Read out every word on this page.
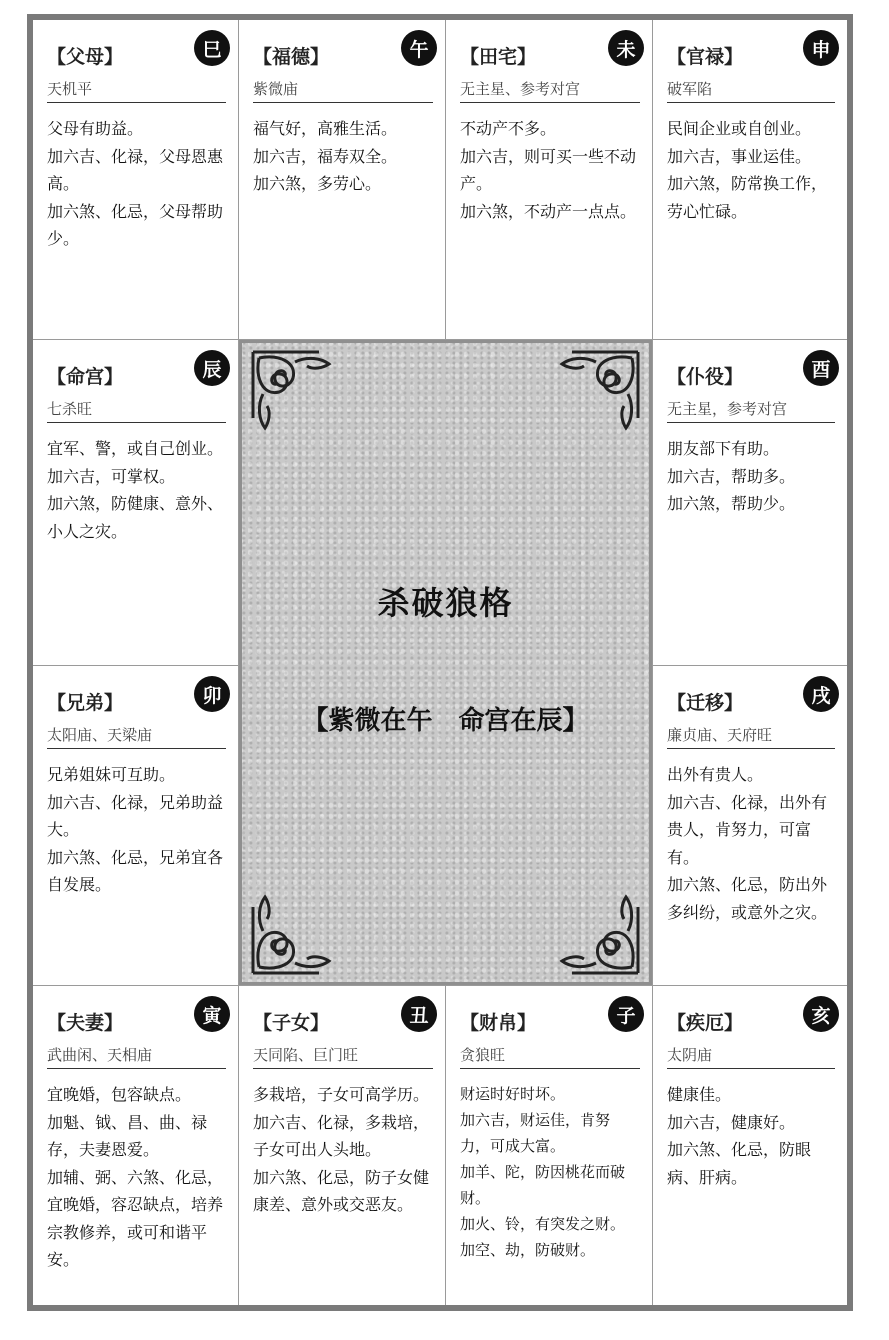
【父母】	巳
天机平

父母有助益。

加六吉、化禄，父母恩惠高。

加六煞、化忌，父母帮助少。

【福德】	午
紫微庙

福气好，高雅生活。

加六吉，福寿双全。

加六煞，多劳心。

【田宅】	未
无主星、参考对宫

不动产不多。

加六吉，则可买一些不动产。

加六煞，不动产一点点。

【官禄】	申
破军陷

民间企业或自创业。

加六吉，事业运佳。

加六煞，防常换工作，劳心忙碌。

【命宫】	辰
七杀旺

宜军、警，或自己创业。

加六吉，可掌权。

加六煞，防健康、意外、小人之灾。

杀破狼格
【紫微在午　命宫在辰】
【仆役】	酉
无主星，参考对宫

朋友部下有助。

加六吉，帮助多。

加六煞，帮助少。

【兄弟】	卯
太阳庙、天梁庙

兄弟姐妹可互助。

加六吉、化禄，兄弟助益大。

加六煞、化忌，兄弟宜各自发展。

【迁移】	戌
廉贞庙、天府旺

出外有贵人。

加六吉、化禄，出外有贵人，肯努力，可富有。

加六煞、化忌，防出外多纠纷，或意外之灾。

【夫妻】	寅
武曲闲、天相庙

宜晚婚，包容缺点。

加魁、钺、昌、曲、禄存，夫妻恩爱。

加辅、弼、六煞、化忌，宜晚婚，容忍缺点，培养宗教修养，或可和谐平安。

【子女】	丑
天同陷、巨门旺

多栽培，子女可高学历。

加六吉、化禄，多栽培，子女可出人头地。

加六煞、化忌，防子女健康差、意外或交恶友。

【财帛】	子
贪狼旺

财运时好时坏。

加六吉，财运佳，肯努力，可成大富。

加羊、陀，防因桃花而破财。

加火、铃，有突发之财。

加空、劫，防破财。

【疾厄】	亥
太阴庙

健康佳。

加六吉，健康好。

加六煞、化忌，防眼病、肝病。
